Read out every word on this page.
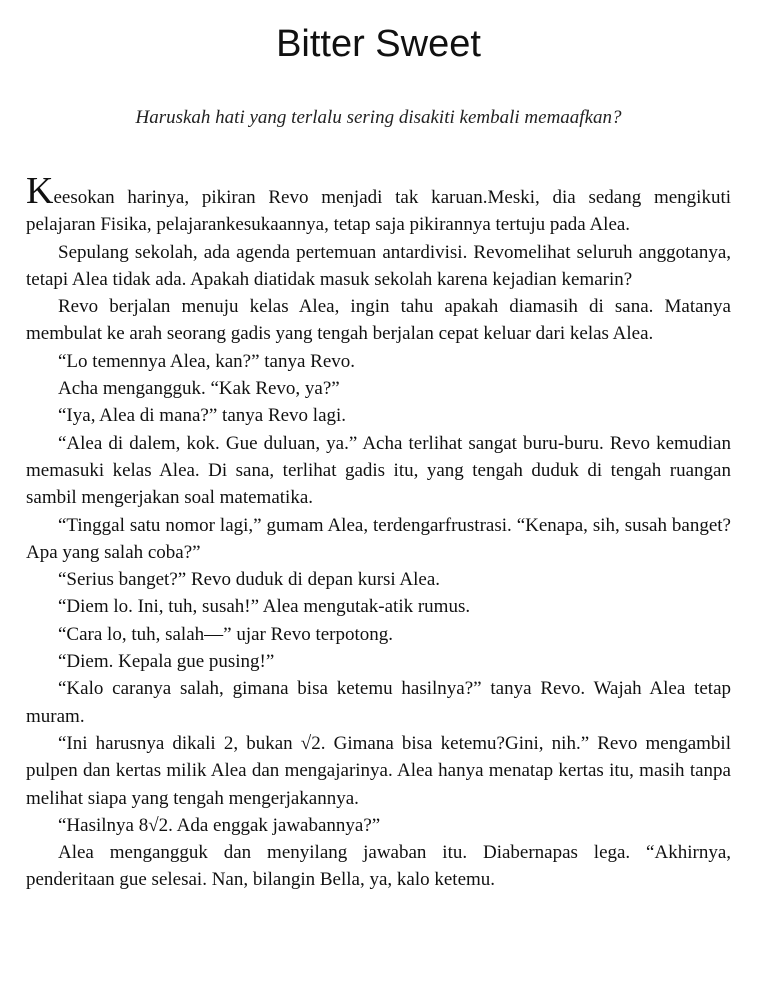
Bitter Sweet

Haruskah hati yang terlalu sering disakiti kembali memaafkan?

Keesokan harinya, pikiran Revo menjadi tak karuan.Meski, dia sedang mengikuti pelajaran Fisika, pelajarankesukaannya, tetap saja pikirannya tertuju pada Alea.

Sepulang sekolah, ada agenda pertemuan antardivisi. Revomelihat seluruh anggotanya, tetapi Alea tidak ada. Apakah diatidak masuk sekolah karena kejadian kemarin?

Revo berjalan menuju kelas Alea, ingin tahu apakah diamasih di sana. Matanya membulat ke arah seorang gadis yang tengah berjalan cepat keluar dari kelas Alea.

“Lo temennya Alea, kan?” tanya Revo.

Acha mengangguk. “Kak Revo, ya?”

“Iya, Alea di mana?” tanya Revo lagi.

“Alea di dalem, kok. Gue duluan, ya.” Acha terlihat sangat buru-buru. Revo kemudian memasuki kelas Alea. Di sana, terlihat gadis itu, yang tengah duduk di tengah ruangan sambil mengerjakan soal matematika.

“Tinggal satu nomor lagi,” gumam Alea, terdengarfrustrasi. “Kenapa, sih, susah banget? Apa yang salah coba?”

“Serius banget?” Revo duduk di depan kursi Alea.

“Diem lo. Ini, tuh, susah!” Alea mengutak-atik rumus.

“Cara lo, tuh, salah—” ujar Revo terpotong.

“Diem. Kepala gue pusing!”

“Kalo caranya salah, gimana bisa ketemu hasilnya?” tanya Revo. Wajah Alea tetap muram.

“Ini harusnya dikali 2, bukan √2. Gimana bisa ketemu?Gini, nih.” Revo mengambil pulpen dan kertas milik Alea dan mengajarinya. Alea hanya menatap kertas itu, masih tanpa melihat siapa yang tengah mengerjakannya.

“Hasilnya 8√2. Ada enggak jawabannya?”

Alea mengangguk dan menyilang jawaban itu. Diabernapas lega. “Akhirnya, penderitaan gue selesai. Nan, bilangin Bella, ya, kalo ketemu.
